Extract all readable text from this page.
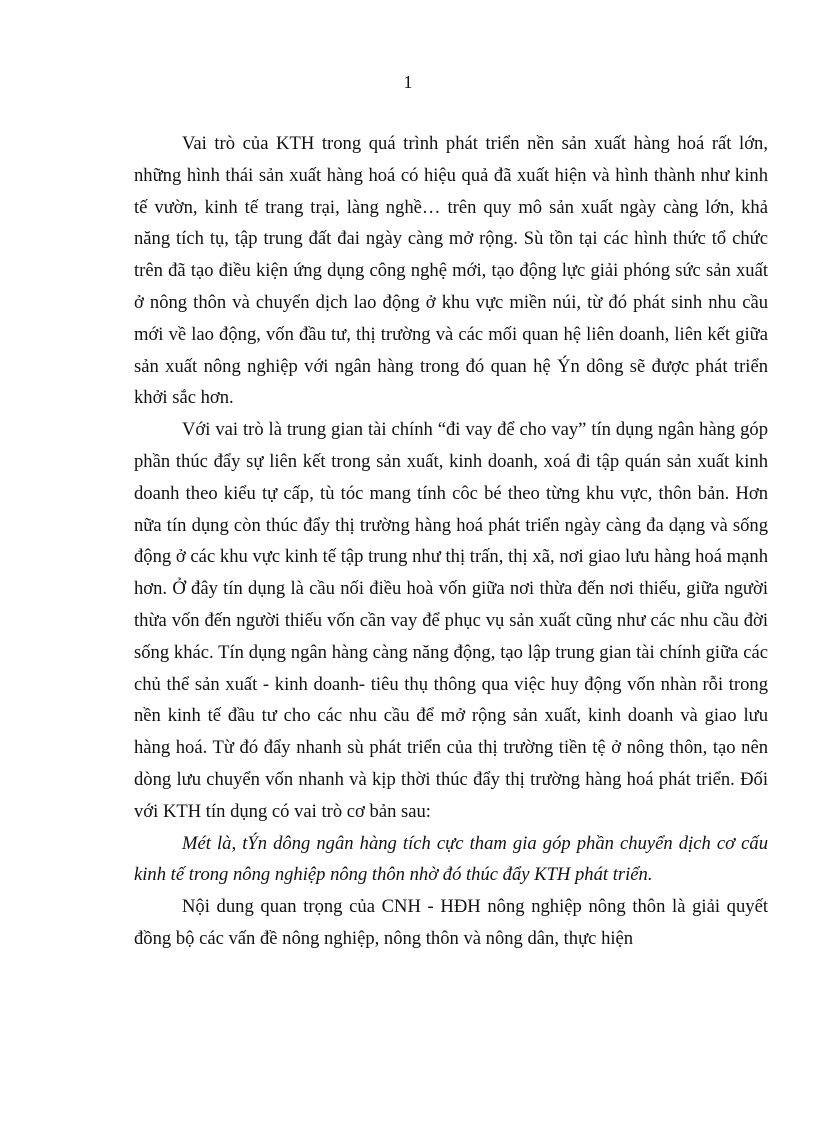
1

Vai trò của KTH trong quá trình phát triển nền sản xuất hàng hoá rất lớn, những hình thái sản xuất hàng hoá có hiệu quả đã xuất hiện và hình thành như kinh tế vườn, kinh tế trang trại, làng nghề… trên quy mô sản xuất ngày càng lớn, khả năng tích tụ, tập trung đất đai ngày càng mở rộng. Sù tồn tại các hình thức tổ chức trên đã tạo điều kiện ứng dụng công nghệ mới, tạo động lực giải phóng sức sản xuất ở nông thôn và chuyển dịch lao động ở khu vực miền núi, từ đó phát sinh nhu cầu mới về lao động, vốn đầu tư, thị trường và các mối quan hệ liên doanh, liên kết giữa sản xuất nông nghiệp với ngân hàng trong đó quan hệ Ýn dông sẽ được phát triển khởi sắc hơn.

Với vai trò là trung gian tài chính “đi vay để cho vay” tín dụng ngân hàng góp phần thúc đẩy sự liên kết trong sản xuất, kinh doanh, xoá đi tập quán sản xuất kinh doanh theo kiểu tự cấp, tù tóc mang tính côc bé theo từng khu vực, thôn bản. Hơn nữa tín dụng còn thúc đẩy thị trường hàng hoá phát triển ngày càng đa dạng và sống động ở các khu vực kinh tế tập trung như thị trấn, thị xã, nơi giao lưu hàng hoá mạnh hơn. Ở đây tín dụng là cầu nối điều hoà vốn giữa nơi thừa đến nơi thiếu, giữa người thừa vốn đến người thiếu vốn cần vay để phục vụ sản xuất cũng như các nhu cầu đời sống khác. Tín dụng ngân hàng càng năng động, tạo lập trung gian tài chính giữa các chủ thể sản xuất - kinh doanh- tiêu thụ thông qua việc huy động vốn nhàn rỗi trong nền kinh tế đầu tư cho các nhu cầu để mở rộng sản xuất, kinh doanh và giao lưu hàng hoá. Từ đó đẩy nhanh sù phát triển của thị trường tiền tệ ở nông thôn, tạo nên dòng lưu chuyển vốn nhanh và kịp thời thúc đẩy thị trường hàng hoá phát triển. Đối với KTH tín dụng có vai trò cơ bản sau:

Mét là, tÝn dông ngân hàng tích cực tham gia góp phần chuyển dịch cơ cấu kinh tế trong nông nghiệp nông thôn nhờ đó thúc đẩy KTH phát triển.

Nội dung quan trọng của CNH - HĐH nông nghiệp nông thôn là giải quyết đồng bộ các vấn đề nông nghiệp, nông thôn và nông dân, thực hiện
